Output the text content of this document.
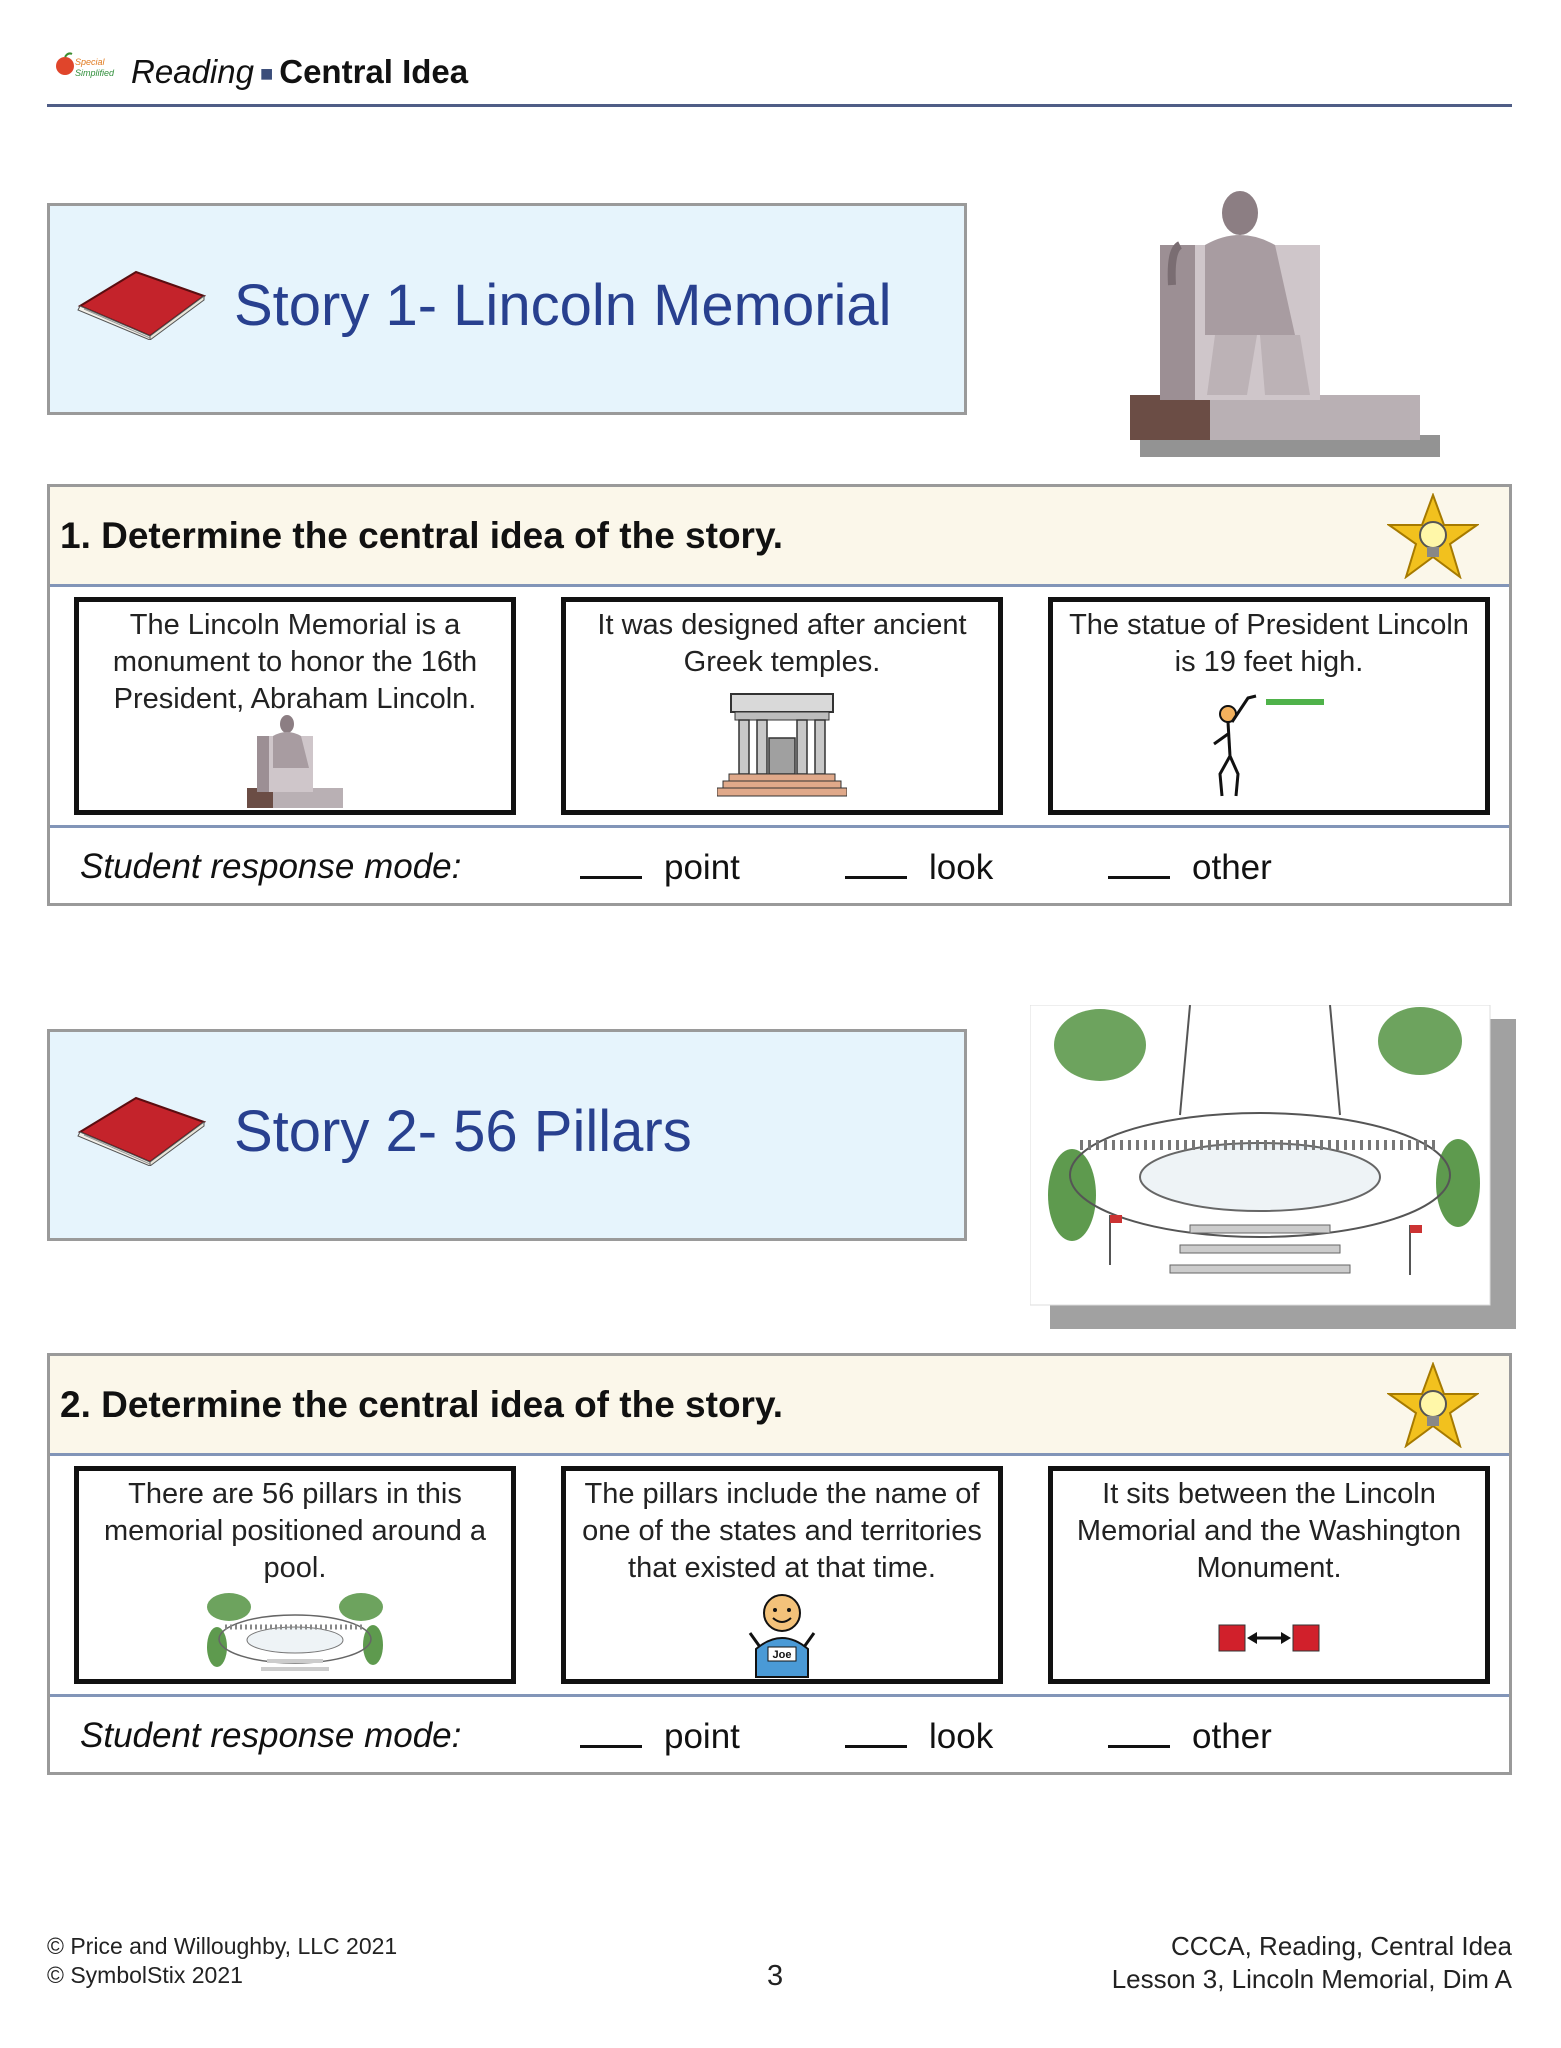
Special
Simplified Reading ■ Central Idea
Story 1- Lincoln Memorial
1. Determine the central idea of the story.
The Lincoln Memorial is a monument to honor the 16th President, Abraham Lincoln.
It was designed after ancient Greek temples.
The statue of President Lincoln is 19 feet high.
Student response mode:	point	look	other
Story 2- 56 Pillars
2. Determine the central idea of the story.
There are 56 pillars in this memorial positioned around a pool.
The pillars include the name of one of the states and territories that existed at that time.
Joe
It sits between the Lincoln Memorial and the Washington Monument.
Student response mode:	point	look	other
© Price and Willoughby, LLC 2021
© SymbolStix 2021	3
CCCA, Reading, Central Idea
Lesson 3, Lincoln Memorial, Dim A
